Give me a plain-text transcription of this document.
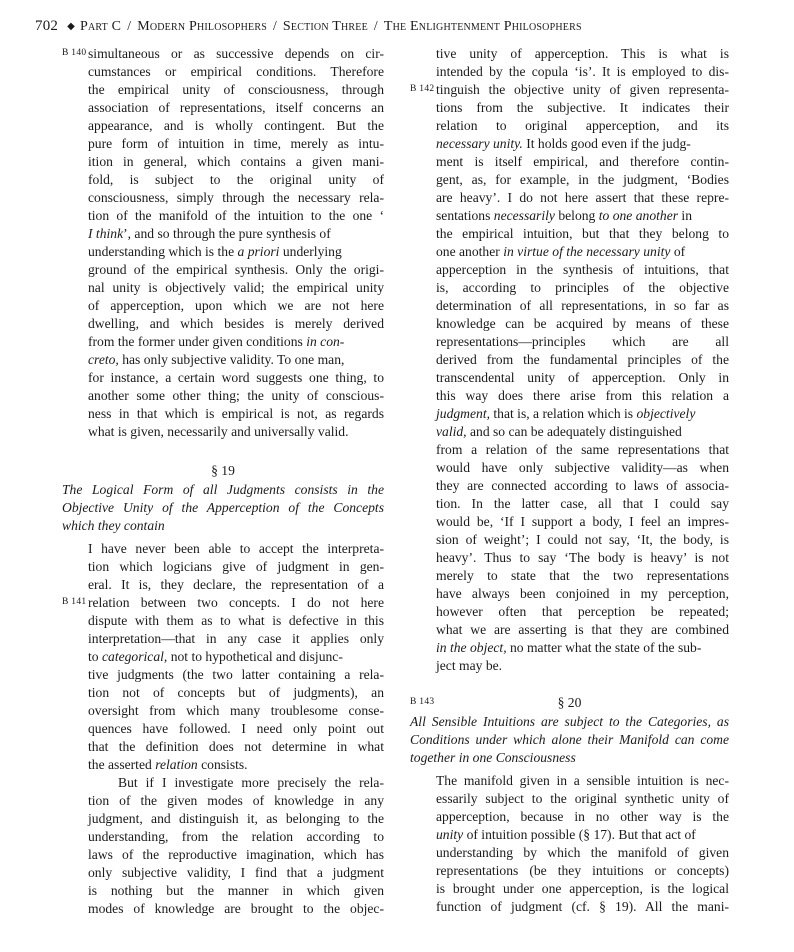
702 ◆ Part C / Modern Philosophers / Section Three / The Enlightenment Philosophers
B 140 simultaneous or as successive depends on cir-
cumstances or empirical conditions. Therefore
the empirical unity of consciousness, through
association of representations, itself concerns an
appearance, and is wholly contingent. But the
pure form of intuition in time, merely as intu-
ition in general, which contains a given mani-
fold, is subject to the original unity of
consciousness, simply through the necessary rela-
tion of the manifold of the intuition to the one ‘
I think’, and so through the pure synthesis of
understanding which is the a priori underlying
ground of the empirical synthesis. Only the origi-
nal unity is objectively valid; the empirical unity
of apperception, upon which we are not here
dwelling, and which besides is merely derived
from the former under given conditions in con-
creto, has only subjective validity. To one man,
for instance, a certain word suggests one thing, to
another some other thing; the unity of conscious-
ness in that which is empirical is not, as regards
what is given, necessarily and universally valid.
§ 19
The Logical Form of all Judgments consists in the
Objective Unity of the Apperception of the Concepts
which they contain
I have never been able to accept the interpreta-
tion which logicians give of judgment in gen-
eral. It is, they declare, the representation of a
B 141 relation between two concepts. I do not here
dispute with them as to what is defective in this
interpretation—that in any case it applies only
to categorical, not to hypothetical and disjunc-
tive judgments (the two latter containing a rela-
tion not of concepts but of judgments), an
oversight from which many troublesome conse-
quences have followed. I need only point out
that the definition does not determine in what
the asserted relation consists.
But if I investigate more precisely the rela-
tion of the given modes of knowledge in any
judgment, and distinguish it, as belonging to the
understanding, from the relation according to
laws of the reproductive imagination, which has
only subjective validity, I find that a judgment
is nothing but the manner in which given
modes of knowledge are brought to the objec-
tive unity of apperception. This is what is
intended by the copula ‘is’. It is employed to dis-
B 142 tinguish the objective unity of given representa-
tions from the subjective. It indicates their
relation to original apperception, and its
necessary unity. It holds good even if the judg-
ment is itself empirical, and therefore contin-
gent, as, for example, in the judgment, ‘Bodies
are heavy’. I do not here assert that these repre-
sentations necessarily belong to one another in
the empirical intuition, but that they belong to
one another in virtue of the necessary unity of
apperception in the synthesis of intuitions, that
is, according to principles of the objective
determination of all representations, in so far as
knowledge can be acquired by means of these
representations—principles which are all
derived from the fundamental principles of the
transcendental unity of apperception. Only in
this way does there arise from this relation a
judgment, that is, a relation which is objectively
valid, and so can be adequately distinguished
from a relation of the same representations that
would have only subjective validity—as when
they are connected according to laws of associa-
tion. In the latter case, all that I could say
would be, ‘If I support a body, I feel an impres-
sion of weight’; I could not say, ‘It, the body, is
heavy’. Thus to say ‘The body is heavy’ is not
merely to state that the two representations
have always been conjoined in my perception,
however often that perception be repeated;
what we are asserting is that they are combined
in the object, no matter what the state of the sub-
ject may be.
B 143	§ 20
All Sensible Intuitions are subject to the Categories, as
Conditions under which alone their Manifold can come
together in one Consciousness
The manifold given in a sensible intuition is nec-
essarily subject to the original synthetic unity of
apperception, because in no other way is the
unity of intuition possible (§ 17). But that act of
understanding by which the manifold of given
representations (be they intuitions or concepts)
is brought under one apperception, is the logical
function of judgment (cf. § 19). All the mani-
